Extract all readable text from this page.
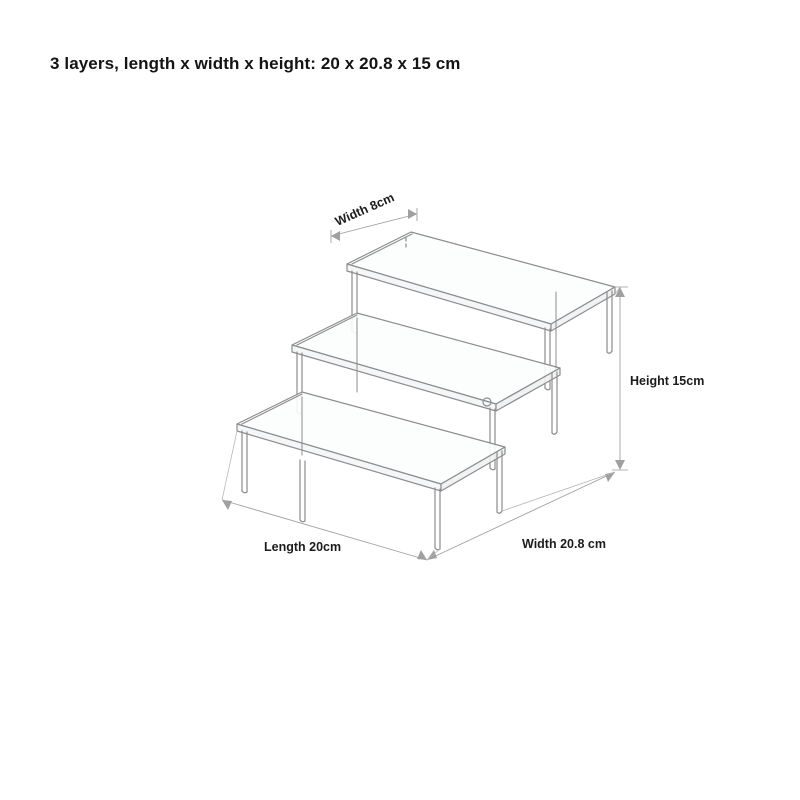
3 layers, length x width x height: 20 x 20.8 x 15 cm
Width 8cm
Height 15cm
Length 20cm	Width 20.8 cm
